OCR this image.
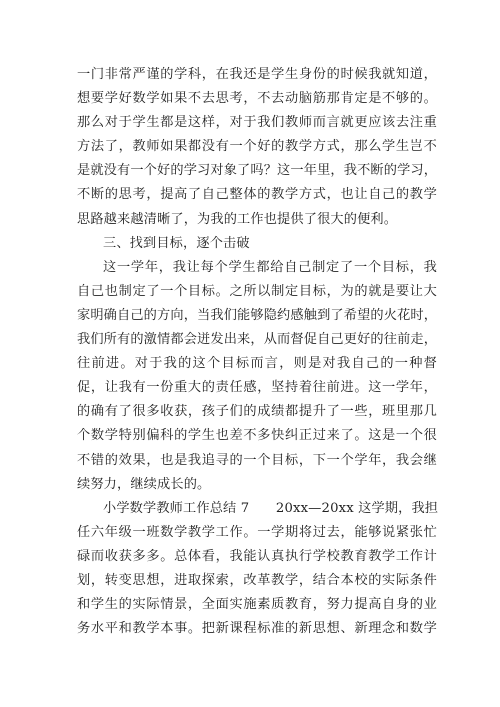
一门非常严谨的学科，在我还是学生身份的时候我就知道，
想要学好数学如果不去思考，不去动脑筋那肯定是不够的。
那么对于学生都是这样，对于我们教师而言就更应该去注重
方法了，教师如果都没有一个好的教学方式，那么学生岂不
是就没有一个好的学习对象了吗？这一年里，我不断的学习，
不断的思考，提高了自己整体的教学方式，也让自己的教学
思路越来越清晰了，为我的工作也提供了很大的便利。
三、找到目标，逐个击破
这一学年，我让每个学生都给自己制定了一个目标，我
自己也制定了一个目标。之所以制定目标，为的就是要让大
家明确自己的方向，当我们能够隐约感触到了希望的火花时，
我们所有的激情都会迸发出来，从而督促自己更好的往前走，
往前进。对于我的这个目标而言，则是对我自己的一种督
促，让我有一份重大的责任感，坚持着往前进。这一学年，
的确有了很多收获，孩子们的成绩都提升了一些，班里那几
个数学特别偏科的学生也差不多快纠正过来了。这是一个很
不错的效果，也是我追寻的一个目标，下一个学年，我会继
续努力，继续成长的。
小学数学教师工作总结 7　　20xx—20xx 这学期，我担
任六年级一班数学教学工作。一学期将过去，能够说紧张忙
碌而收获多多。总体看，我能认真执行学校教育教学工作计
划，转变思想，进取探索，改革教学，结合本校的实际条件
和学生的实际情景，全面实施素质教育，努力提高自身的业
务水平和教学本事。把新课程标准的新思想、新理念和数学
